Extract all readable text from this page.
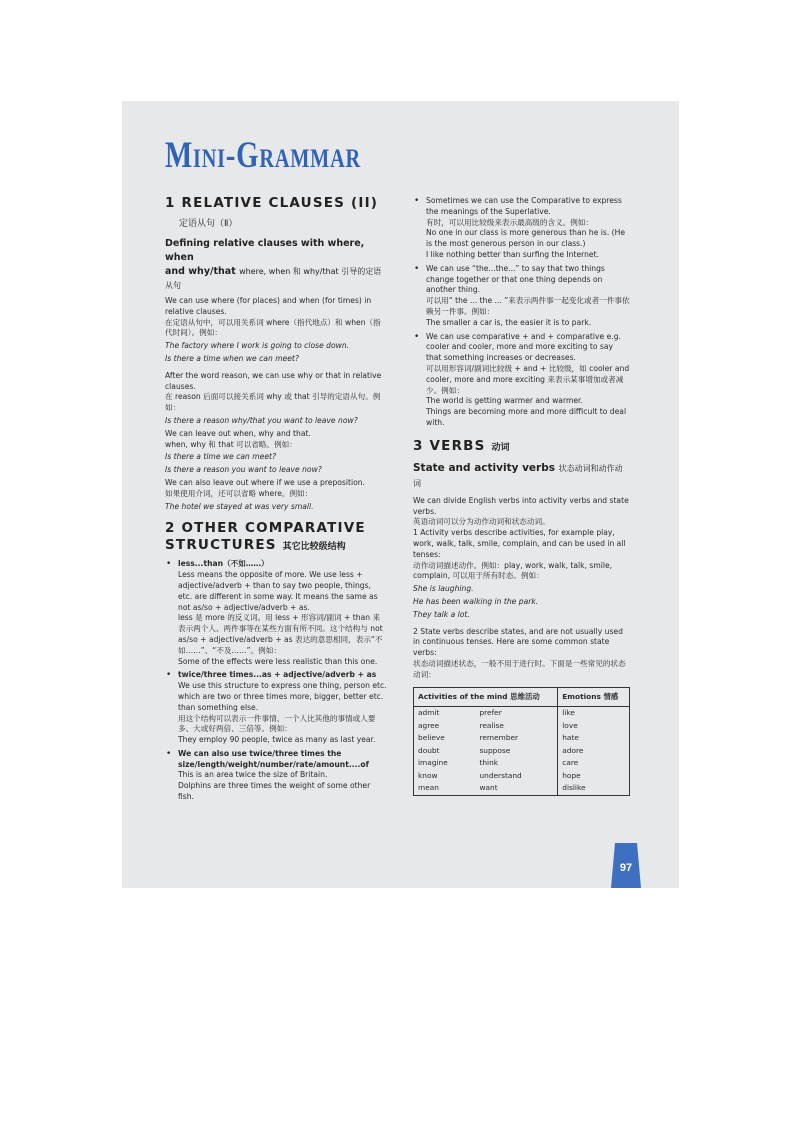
Mini-Grammar
1 RELATIVE CLAUSES (II)
定语从句（Ⅱ）
Defining relative clauses with where, when
and why/that where, when 和 why/that 引导的定语从句

We can use where (for places) and when (for times) in relative clauses.

在定语从句中，可以用关系词 where（指代地点）和 when（指代时间）。例如：

The factory where I work is going to close down.

Is there a time when we can meet?

After the word reason, we can use why or that in relative clauses.

在 reason 后面可以接关系词 why 或 that 引导的定语从句。例如：

Is there a reason why/that you want to leave now?

We can leave out when, why and that.

when, why 和 that 可以省略。例如：

Is there a time we can meet?

Is there a reason you want to leave now?

We can also leave out where if we use a preposition.

如果使用介词，还可以省略 where。例如：

The hotel we stayed at was very small.

2 OTHER COMPARATIVE
STRUCTURES 其它比较级结构
• less...than（不如……）

Less means the opposite of more. We use less + adjective/adverb + than to say two people, things, etc. are different in some way. It means the same as not as/so + adjective/adverb + as.

less 是 more 的反义词。用 less + 形容词/副词 + than 来表示两个人、两件事等在某些方面有所不同。这个结构与 not as/so + adjective/adverb + as 表达的意思相同，表示“不如……”、“不及……”。例如：

Some of the effects were less realistic than this one.

• twice/three times...as + adjective/adverb + as

We use this structure to express one thing, person etc. which are two or three times more, bigger, better etc. than something else.

用这个结构可以表示一件事情、一个人比其他的事情或人要多、大或好两倍、三倍等。例如：

They employ 90 people, twice as many as last year.

• We can also use twice/three times the size/length/weight/number/rate/amount....of

This is an area twice the size of Britain.

Dolphins are three times the weight of some other fish.

• Sometimes we can use the Comparative to express the meanings of the Superlative.

有时，可以用比较级来表示最高级的含义。例如：

No one in our class is more generous than he is. (He is the most generous person in our class.)

I like nothing better than surfing the Internet.

• We can use “the...the...” to say that two things change together or that one thing depends on another thing.

可以用“ the ... the ... ”来表示两件事一起变化或者一件事依赖另一件事。例如：

The smaller a car is, the easier it is to park.

• We can use comparative + and + comparative e.g. cooler and cooler, more and more exciting to say that something increases or decreases.

可以用形容词/副词比较级 + and + 比较级，如 cooler and cooler, more and more exciting 来表示某事增加或者减少。例如：

The world is getting warmer and warmer.

Things are becoming more and more difficult to deal with.

3 VERBS 动词
State and activity verbs 状态动词和动作动词

We can divide English verbs into activity verbs and state verbs.

英语动词可以分为动作动词和状态动词。

1 Activity verbs describe activities, for example play, work, walk, talk, smile, complain, and can be used in all tenses:

动作动词描述动作。例如：play, work, walk, talk, smile, complain, 可以用于所有时态。例如：

She is laughing.

He has been walking in the park.

They talk a lot.

2 State verbs describe states, and are not usually used in continuous tenses. Here are some common state verbs:

状态动词描述状态，一般不用于进行时。下面是一些常见的状态动词：

Activities of the mind 思维活动		Emotions 情感
admit	prefer	like
agree	realise	love
believe	remember	hate
doubt	suppose	adore
imagine	think	care
know	understand	hope
mean	want	dislike
97
